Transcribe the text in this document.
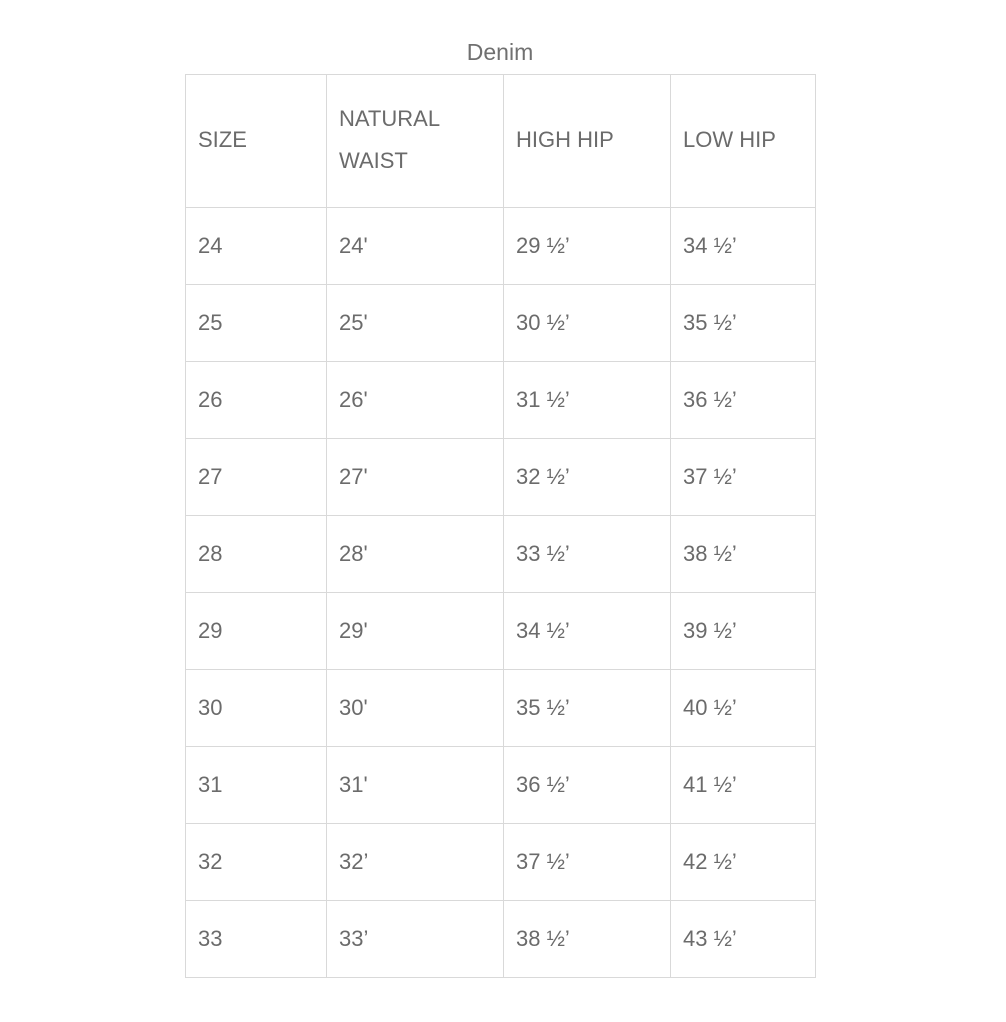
Denim
SIZE	NATURAL WAIST	HIGH HIP	LOW HIP
24	24'	29 ½’	34 ½’
25	25'	30 ½’	35 ½’
26	26'	31 ½’	36 ½’
27	27'	32 ½’	37 ½’
28	28'	33 ½’	38 ½’
29	29'	34 ½’	39 ½’
30	30'	35 ½’	40 ½’
31	31'	36 ½’	41 ½’
32	32’	37 ½’	42 ½’
33	33’	38 ½’	43 ½’
